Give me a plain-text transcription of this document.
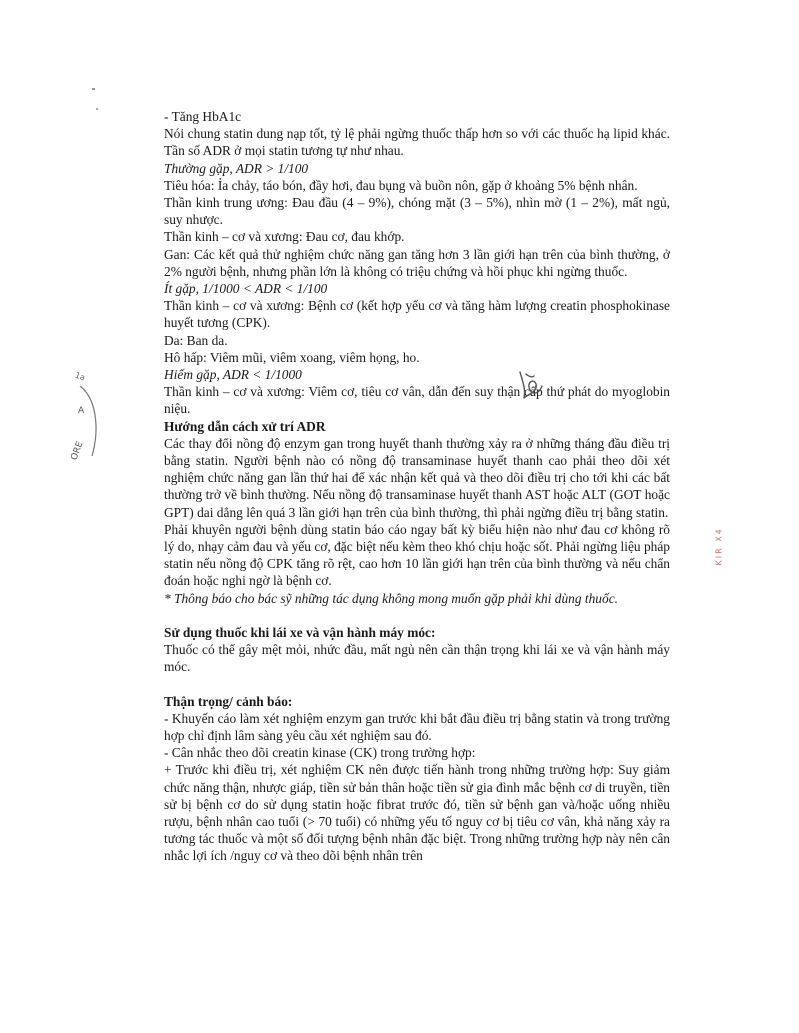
- Tăng HbA1c

Nói chung statin dung nạp tốt, tỷ lệ phải ngừng thuốc thấp hơn so với các thuốc hạ lipid khác. Tần số ADR ở mọi statin tương tự như nhau.

Thường gặp, ADR > 1/100

Tiêu hóa: Ỉa chảy, táo bón, đầy hơi, đau bụng và buồn nôn, gặp ở khoảng 5% bệnh nhân.

Thần kinh trung ương: Đau đầu (4 – 9%), chóng mặt (3 – 5%), nhìn mờ (1 – 2%), mất ngủ, suy nhược.

Thần kinh – cơ và xương: Đau cơ, đau khớp.

Gan: Các kết quả thử nghiệm chức năng gan tăng hơn 3 lần giới hạn trên của bình thường, ở 2% người bệnh, nhưng phần lớn là không có triệu chứng và hồi phục khi ngừng thuốc.

Ít gặp, 1/1000 < ADR < 1/100

Thần kinh – cơ và xương: Bệnh cơ (kết hợp yếu cơ và tăng hàm lượng creatin phosphokinase huyết tương (CPK).

Da: Ban da.

Hô hấp: Viêm mũi, viêm xoang, viêm họng, ho.

Hiếm gặp, ADR < 1/1000

Thần kinh – cơ và xương: Viêm cơ, tiêu cơ vân, dẫn đến suy thận cấp thứ phát do myoglobin niệu.

Hướng dẫn cách xử trí ADR

Các thay đổi nồng độ enzym gan trong huyết thanh thường xảy ra ở những tháng đầu điều trị bằng statin. Người bệnh nào có nồng độ transaminase huyết thanh cao phải theo dõi xét nghiệm chức năng gan lần thứ hai để xác nhận kết quả và theo dõi điều trị cho tới khi các bất thường trở về bình thường. Nếu nồng độ transaminase huyết thanh AST hoặc ALT (GOT hoặc GPT) dai dẳng lên quá 3 lần giới hạn trên của bình thường, thì phải ngừng điều trị bằng statin.

Phải khuyên người bệnh dùng statin báo cáo ngay bất kỳ biểu hiện nào như đau cơ không rõ lý do, nhạy cảm đau và yếu cơ, đặc biệt nếu kèm theo khó chịu hoặc sốt. Phải ngừng liệu pháp statin nếu nồng độ CPK tăng rõ rệt, cao hơn 10 lần giới hạn trên của bình thường và nếu chẩn đoán hoặc nghi ngờ là bệnh cơ.

* Thông báo cho bác sỹ những tác dụng không mong muốn gặp phải khi dùng thuốc.

Sử dụng thuốc khi lái xe và vận hành máy móc:

Thuốc có thể gây mệt mỏi, nhức đầu, mất ngủ nên cần thận trọng khi lái xe và vận hành máy móc.

Thận trọng/ cảnh báo:

- Khuyến cáo làm xét nghiệm enzym gan trước khi bắt đầu điều trị bằng statin và trong trường hợp chỉ định lâm sàng yêu cầu xét nghiệm sau đó.

- Cân nhắc theo dõi creatin kinase (CK) trong trường hợp:

+ Trước khi điều trị, xét nghiệm CK nên được tiến hành trong những trường hợp: Suy giảm chức năng thận, nhược giáp, tiền sử bản thân hoặc tiền sử gia đình mắc bệnh cơ di truyền, tiền sử bị bệnh cơ do sử dụng statin hoặc fibrat trước đó, tiền sử bệnh gan và/hoặc uống nhiều rượu, bệnh nhân cao tuổi (> 70 tuổi) có những yếu tố nguy cơ bị tiêu cơ vân, khả năng xảy ra tương tác thuốc và một số đối tượng bệnh nhân đặc biệt. Trong những trường hợp này nên cân nhắc lợi ích /nguy cơ và theo dõi bệnh nhân trên

1a
A
ORE
KIR X4
